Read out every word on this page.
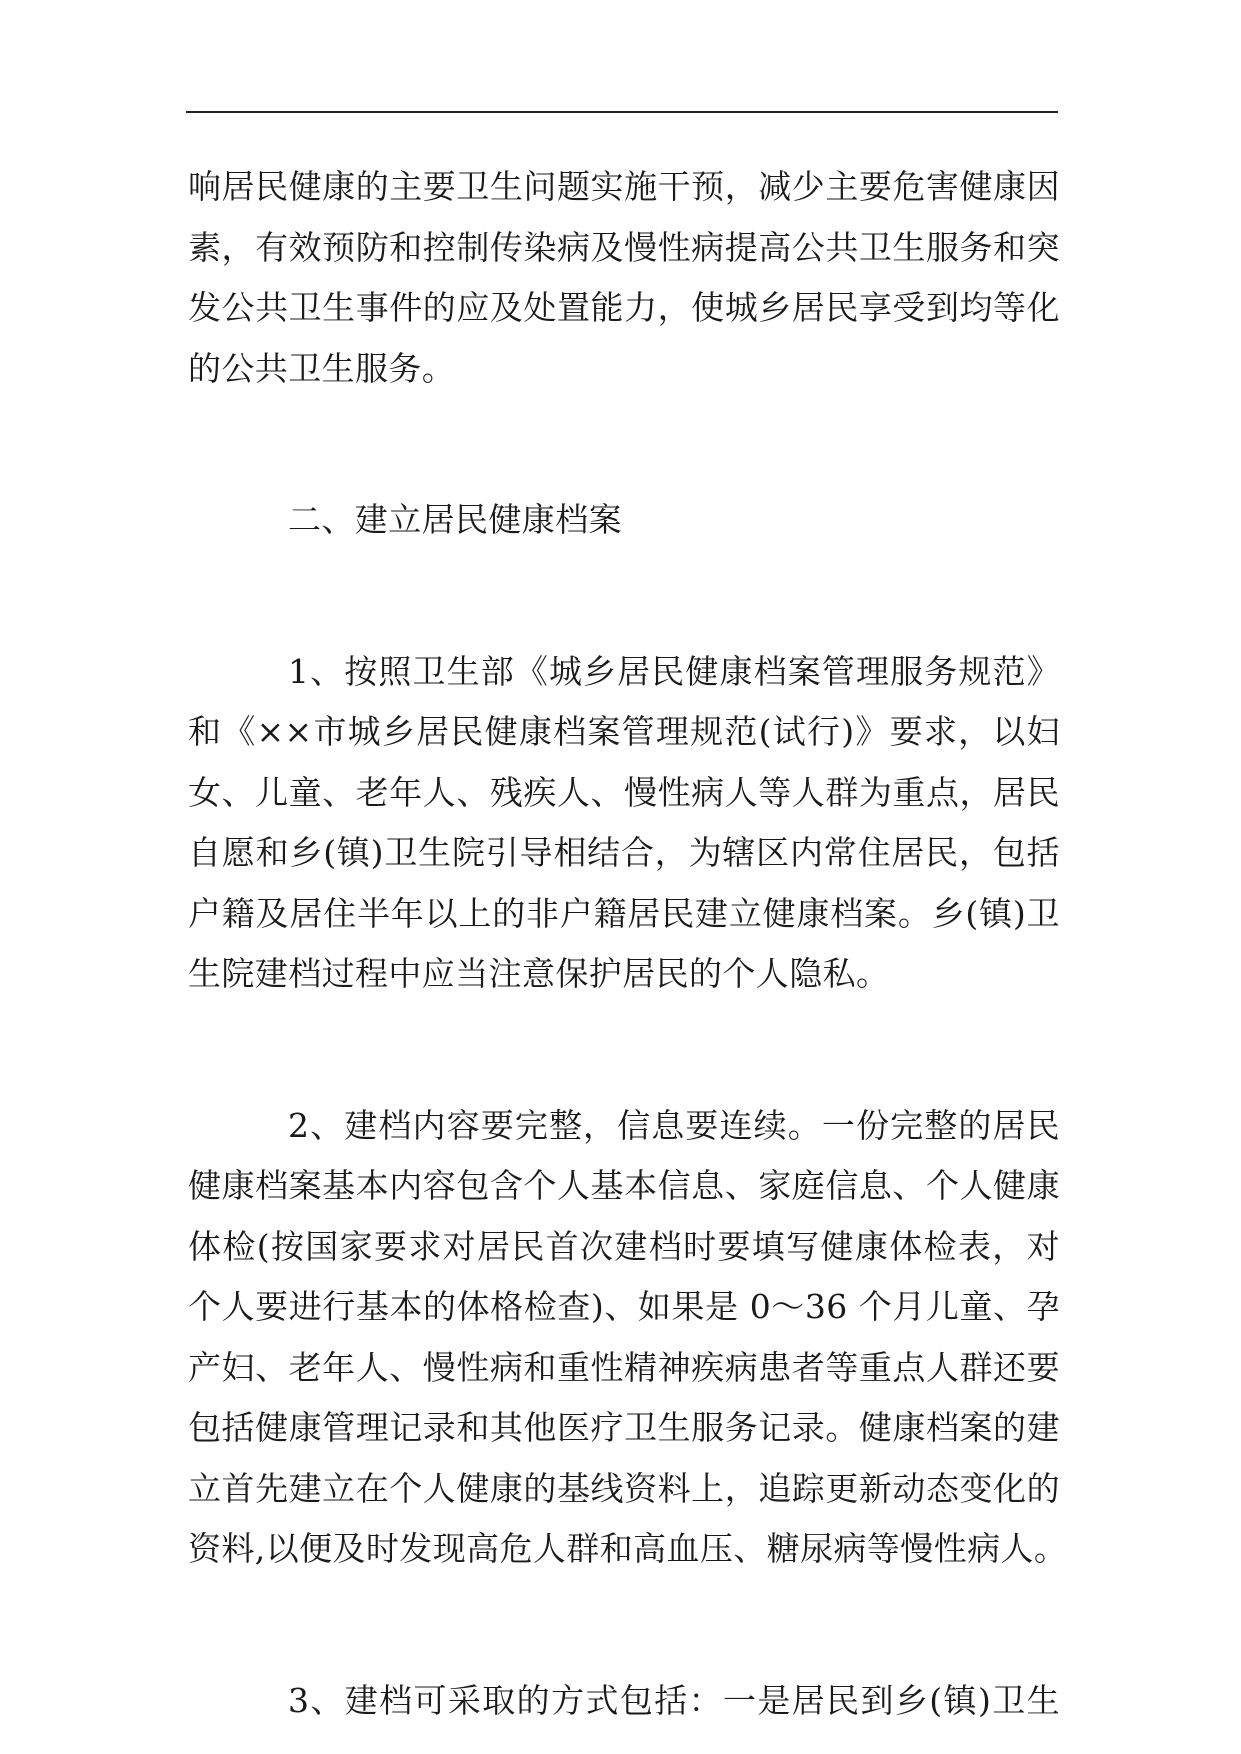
响居民健康的主要卫生问题实施干预，减少主要危害健康因
素，有效预防和控制传染病及慢性病提高公共卫生服务和突
发公共卫生事件的应及处置能力，使城乡居民享受到均等化
的公共卫生服务。
二、建立居民健康档案
1、按照卫生部《城乡居民健康档案管理服务规范》
和《××市城乡居民健康档案管理规范(试行)》要求，以妇
女、儿童、老年人、残疾人、慢性病人等人群为重点，居民
自愿和乡(镇)卫生院引导相结合，为辖区内常住居民，包括
户籍及居住半年以上的非户籍居民建立健康档案。乡(镇)卫
生院建档过程中应当注意保护居民的个人隐私。
2、建档内容要完整，信息要连续。一份完整的居民
健康档案基本内容包含个人基本信息、家庭信息、个人健康
体检(按国家要求对居民首次建档时要填写健康体检表，对
个人要进行基本的体格检查)、如果是 0～36 个月儿童、孕
产妇、老年人、慢性病和重性精神疾病患者等重点人群还要
包括健康管理记录和其他医疗卫生服务记录。健康档案的建
立首先建立在个人健康的基线资料上，追踪更新动态变化的
资料,以便及时发现高危人群和高血压、糖尿病等慢性病人。
3、建档可采取的方式包括：一是居民到乡(镇)卫生
